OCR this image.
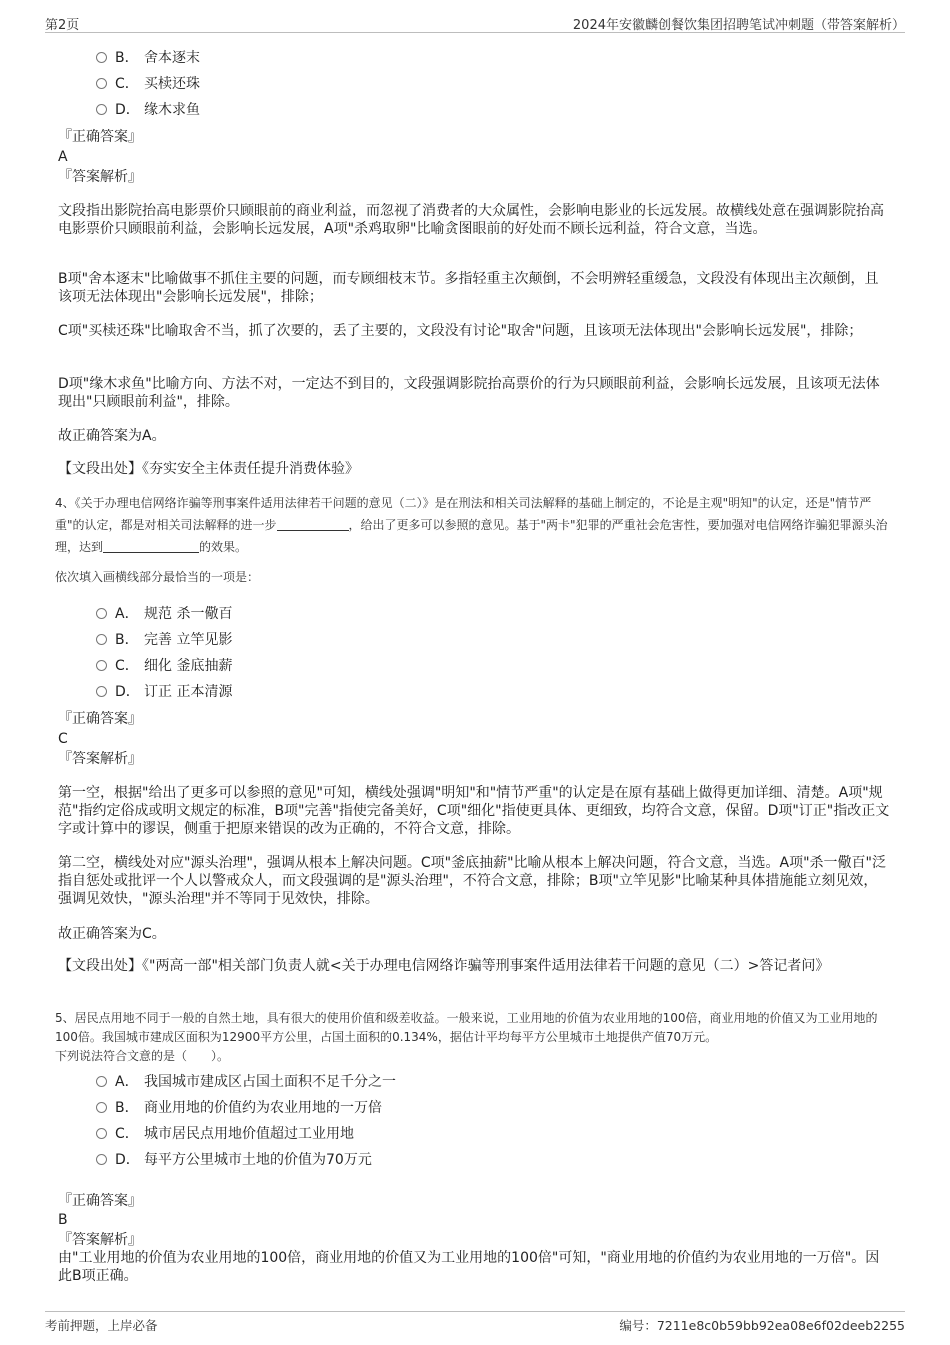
第2页	2024年安徽麟创餐饮集团招聘笔试冲刺题（带答案解析）
B． 舍本逐末
C． 买椟还珠
D． 缘木求鱼
『正确答案』
A
『答案解析』
文段指出影院抬高电影票价只顾眼前的商业利益，而忽视了消费者的大众属性，会影响电影业的长远发展。故横线处意在强调影院抬高电影票价只顾眼前利益，会影响长远发展，A项"杀鸡取卵"比喻贪图眼前的好处而不顾长远利益，符合文意，当选。
B项"舍本逐末"比喻做事不抓住主要的问题，而专顾细枝末节。多指轻重主次颠倒，不会明辨轻重缓急，文段没有体现出主次颠倒，且该项无法体现出"会影响长远发展"，排除；
C项"买椟还珠"比喻取舍不当，抓了次要的，丢了主要的，文段没有讨论"取舍"问题，且该项无法体现出"会影响长远发展"，排除；
D项"缘木求鱼"比喻方向、方法不对，一定达不到目的，文段强调影院抬高票价的行为只顾眼前利益，会影响长远发展，且该项无法体现出"只顾眼前利益"，排除。
故正确答案为A。
【文段出处】《夯实安全主体责任提升消费体验》
4、《关于办理电信网络诈骗等刑事案件适用法律若干问题的意见（二）》是在刑法和相关司法解释的基础上制定的，不论是主观"明知"的认定，还是"情节严重"的认定，都是对相关司法解释的进一步	，给出了更多可以参照的意见。基于"两卡"犯罪的严重社会危害性，要加强对电信网络诈骗犯罪源头治理，达到	的效果。
依次填入画横线部分最恰当的一项是：
A． 规范 杀一儆百
B． 完善 立竿见影
C． 细化 釜底抽薪
D． 订正 正本清源
『正确答案』
C
『答案解析』
第一空，根据"给出了更多可以参照的意见"可知，横线处强调"明知"和"情节严重"的认定是在原有基础上做得更加详细、清楚。A项"规范"指约定俗成或明文规定的标准，B项"完善"指使完备美好，C项"细化"指使更具体、更细致，均符合文意，保留。D项"订正"指改正文字或计算中的谬误，侧重于把原来错误的改为正确的，不符合文意，排除。
第二空，横线处对应"源头治理"，强调从根本上解决问题。C项"釜底抽薪"比喻从根本上解决问题，符合文意，当选。A项"杀一儆百"泛指自惩处或批评一个人以警戒众人，而文段强调的是"源头治理"，不符合文意，排除；B项"立竿见影"比喻某种具体措施能立刻见效，强调见效快，"源头治理"并不等同于见效快，排除。
故正确答案为C。
【文段出处】《"两高一部"相关部门负责人就<关于办理电信网络诈骗等刑事案件适用法律若干问题的意见（二）>答记者问》
5、居民点用地不同于一般的自然土地，具有很大的使用价值和级差收益。一般来说，工业用地的价值为农业用地的100倍，商业用地的价值又为工业用地的100倍。我国城市建成区面积为12900平方公里，占国土面积的0.134%，据估计平均每平方公里城市土地提供产值70万元。
下列说法符合文意的是（　　）。
A． 我国城市建成区占国土面积不足千分之一
B． 商业用地的价值约为农业用地的一万倍
C． 城市居民点用地价值超过工业用地
D． 每平方公里城市土地的价值为70万元
『正确答案』
B
『答案解析』
由"工业用地的价值为农业用地的100倍，商业用地的价值又为工业用地的100倍"可知，"商业用地的价值约为农业用地的一万倍"。因此B项正确。
考前押题，上岸必备	编号：7211e8c0b59bb92ea08e6f02deeb2255
